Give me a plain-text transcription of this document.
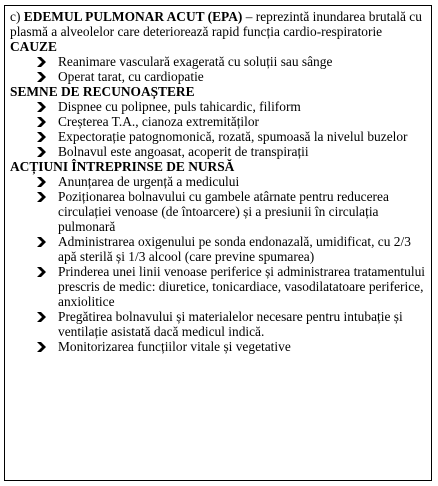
c) EDEMUL PULMONAR ACUT (EPA) – reprezintă inundarea brutală cu plasmă a alveolelor care deteriorează rapid funcția cardio-respiratorie

CAUZE

Reanimare vasculară exagerată cu soluții sau sânge
Operat tarat, cu cardiopatie

SEMNE DE RECUNOAȘTERE

Dispnee cu polipnee, puls tahicardic, filiform
Creșterea T.A., cianoza extremităților
Expectorație patognomonică, rozată, spumoasă la nivelul buzelor
Bolnavul este angoasat, acoperit de transpirații

ACȚIUNI ÎNTREPRINSE DE NURSĂ

Anunțarea de urgență a medicului
Poziționarea bolnavului cu gambele atârnate pentru reducerea circulației venoase (de întoarcere) și a presiunii în circulația pulmonară
Administrarea oxigenului pe sonda endonazală, umidificat, cu 2/3 apă sterilă și 1/3 alcool (care previne spumarea)
Prinderea unei linii venoase periferice și administrarea tratamentului prescris de medic: diuretice, tonicardiace, vasodilatatoare periferice, anxiolitice
Pregătirea bolnavului și materialelor necesare pentru intubație și ventilație asistată dacă medicul indică.
Monitorizarea funcțiilor vitale și vegetative
